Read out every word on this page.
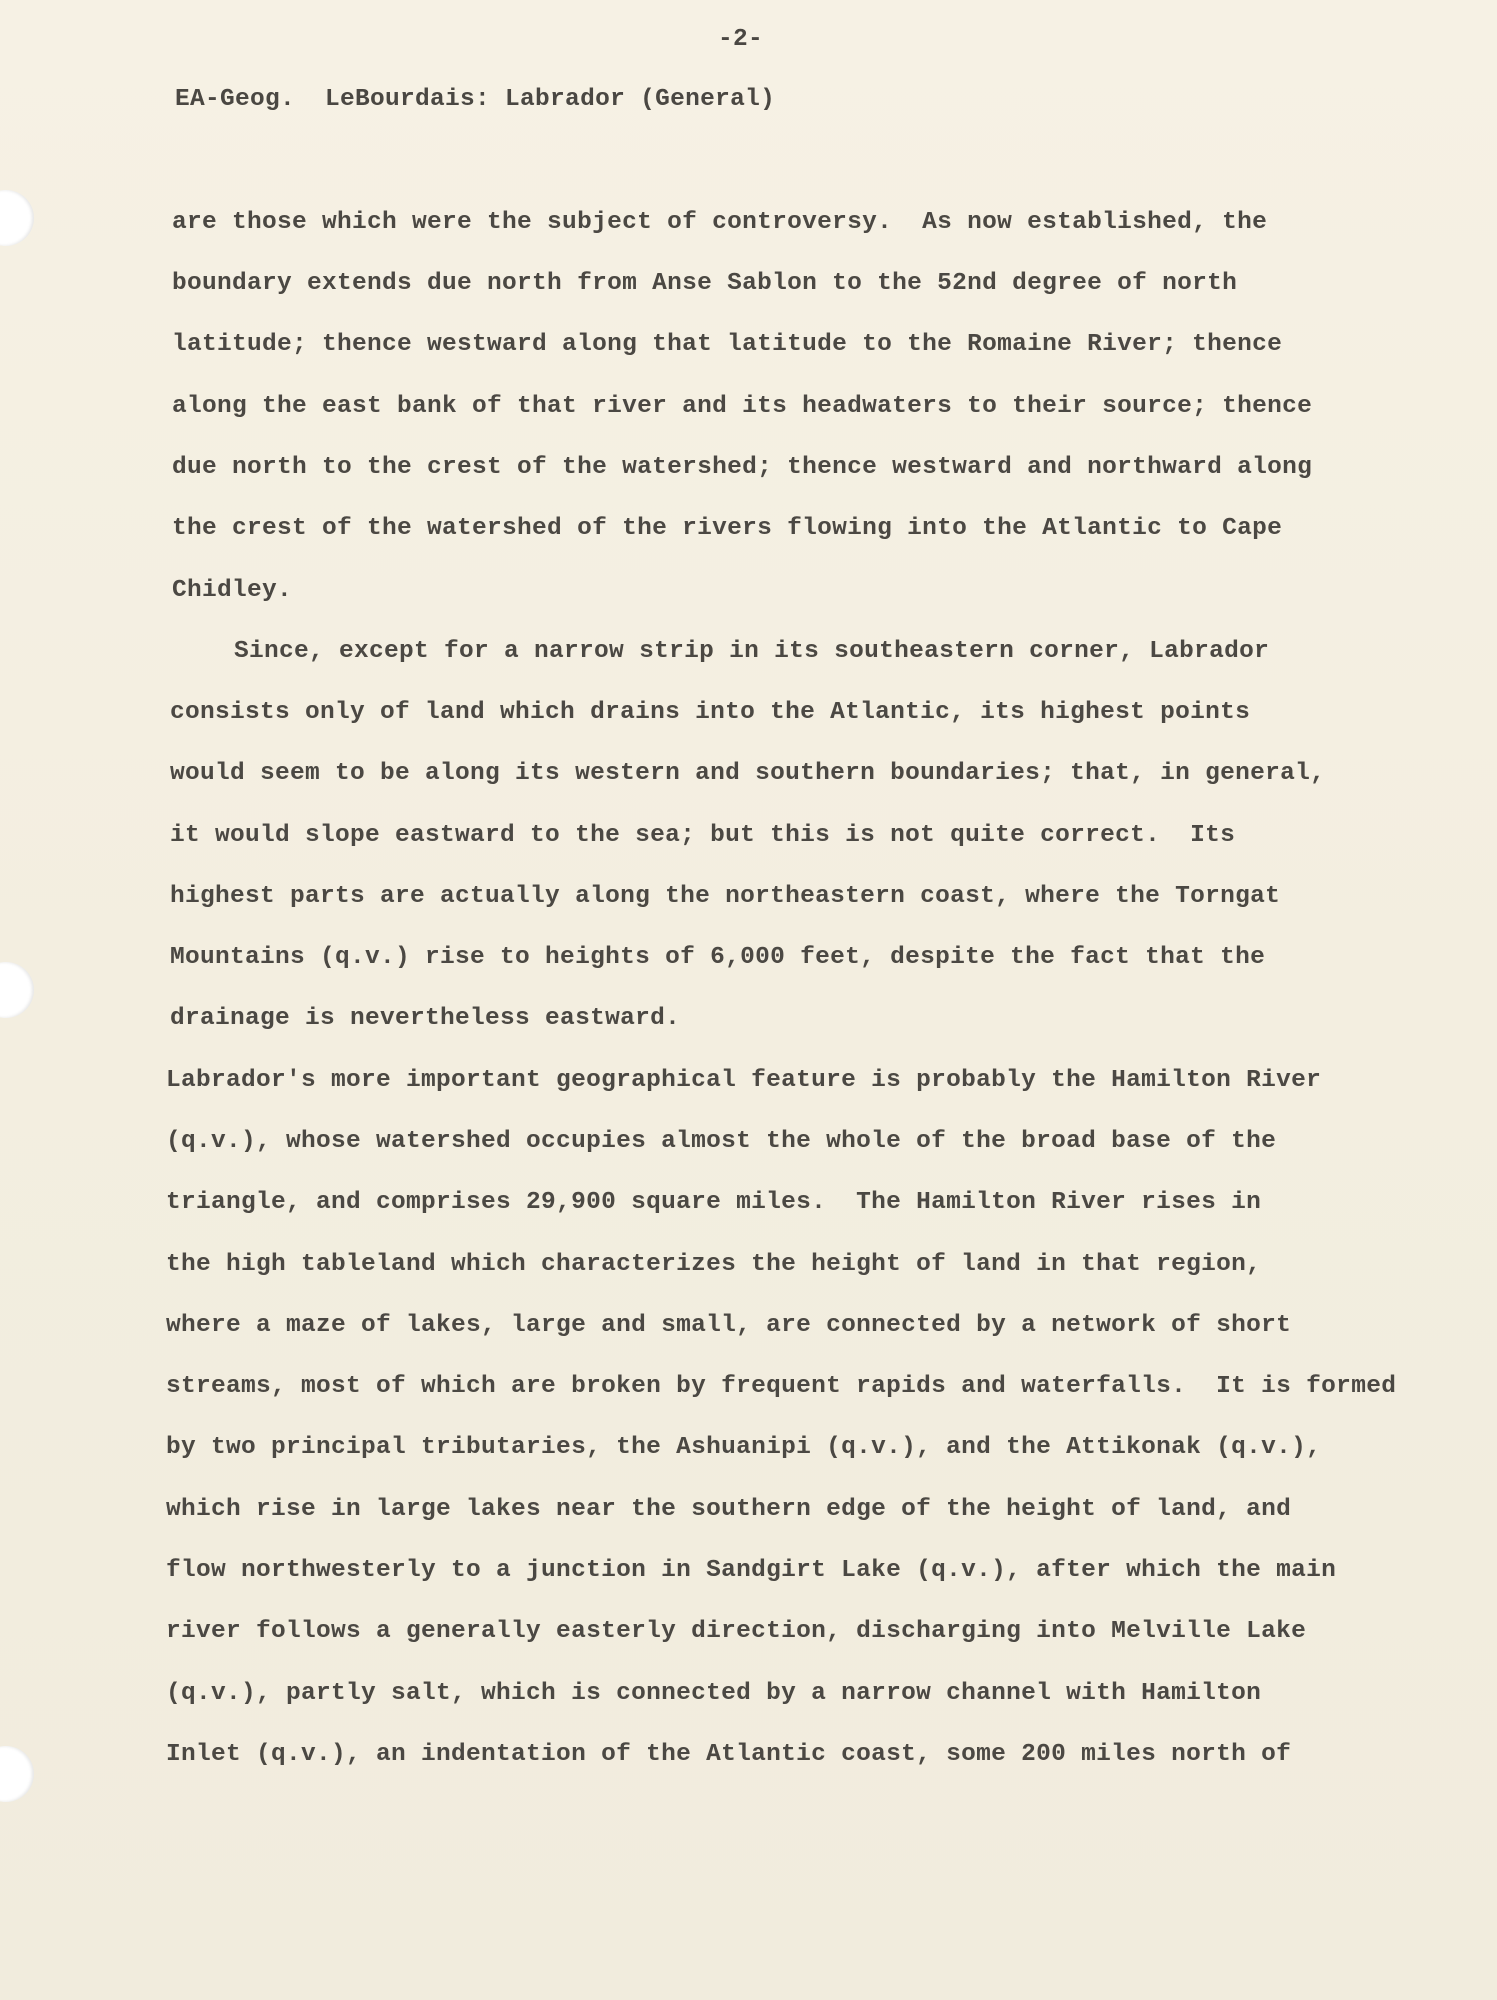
-2-
EA-Geog.  LeBourdais: Labrador (General)
are those which were the subject of controversy.  As now established, the
boundary extends due north from Anse Sablon to the 52nd degree of north
latitude; thence westward along that latitude to the Romaine River; thence
along the east bank of that river and its headwaters to their source; thence
due north to the crest of the watershed; thence westward and northward along
the crest of the watershed of the rivers flowing into the Atlantic to Cape
Chidley.
Since, except for a narrow strip in its southeastern corner, Labrador
consists only of land which drains into the Atlantic, its highest points
would seem to be along its western and southern boundaries; that, in general,
it would slope eastward to the sea; but this is not quite correct.  Its
highest parts are actually along the northeastern coast, where the Torngat
Mountains (q.v.) rise to heights of 6,000 feet, despite the fact that the
drainage is nevertheless eastward.
Labrador's more important geographical feature is probably the Hamilton River
(q.v.), whose watershed occupies almost the whole of the broad base of the
triangle, and comprises 29,900 square miles.  The Hamilton River rises in
the high tableland which characterizes the height of land in that region,
where a maze of lakes, large and small, are connected by a network of short
streams, most of which are broken by frequent rapids and waterfalls.  It is formed
by two principal tributaries, the Ashuanipi (q.v.), and the Attikonak (q.v.),
which rise in large lakes near the southern edge of the height of land, and
flow northwesterly to a junction in Sandgirt Lake (q.v.), after which the main
river follows a generally easterly direction, discharging into Melville Lake
(q.v.), partly salt, which is connected by a narrow channel with Hamilton
Inlet (q.v.), an indentation of the Atlantic coast, some 200 miles north of
